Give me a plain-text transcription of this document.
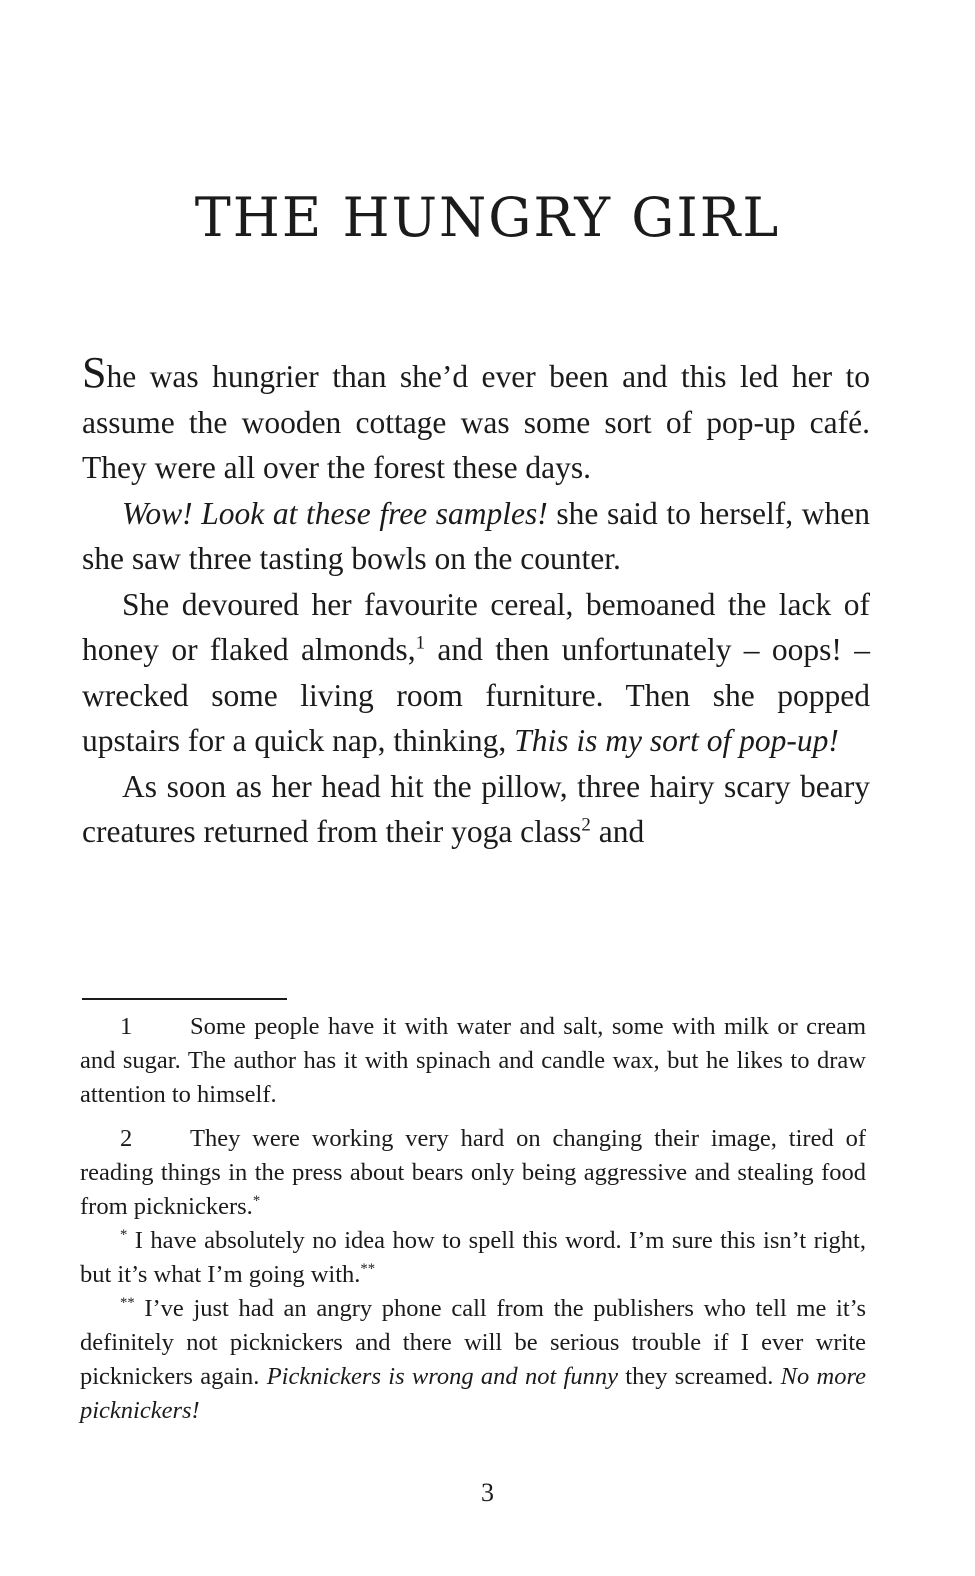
THE HUNGRY GIRL

She was hungrier than she’d ever been and this led her to assume the wooden cottage was some sort of pop-up café. They were all over the forest these days.

Wow! Look at these free samples! she said to herself, when she saw three tasting bowls on the counter.

She devoured her favourite cereal, bemoaned the lack of honey or flaked almonds,$^1$ and then unfortunately – oops! – wrecked some living room furniture. Then she popped upstairs for a quick nap, thinking, This is my sort of pop-up!

As soon as her head hit the pillow, three hairy scary beary creatures returned from their yoga class$^2$ and

1 Some people have it with water and salt, some with milk or cream and sugar. The author has it with spinach and candle wax, but he likes to draw attention to himself.

2 They were working very hard on changing their image, tired of reading things in the press about bears only being aggressive and stealing food from picknickers.*

* I have absolutely no idea how to spell this word. I’m sure this isn’t right, but it’s what I’m going with.**

** I’ve just had an angry phone call from the publishers who tell me it’s definitely not picknickers and there will be serious trouble if I ever write picknickers again. Picknickers is wrong and not funny they screamed. No more picknickers!

3
